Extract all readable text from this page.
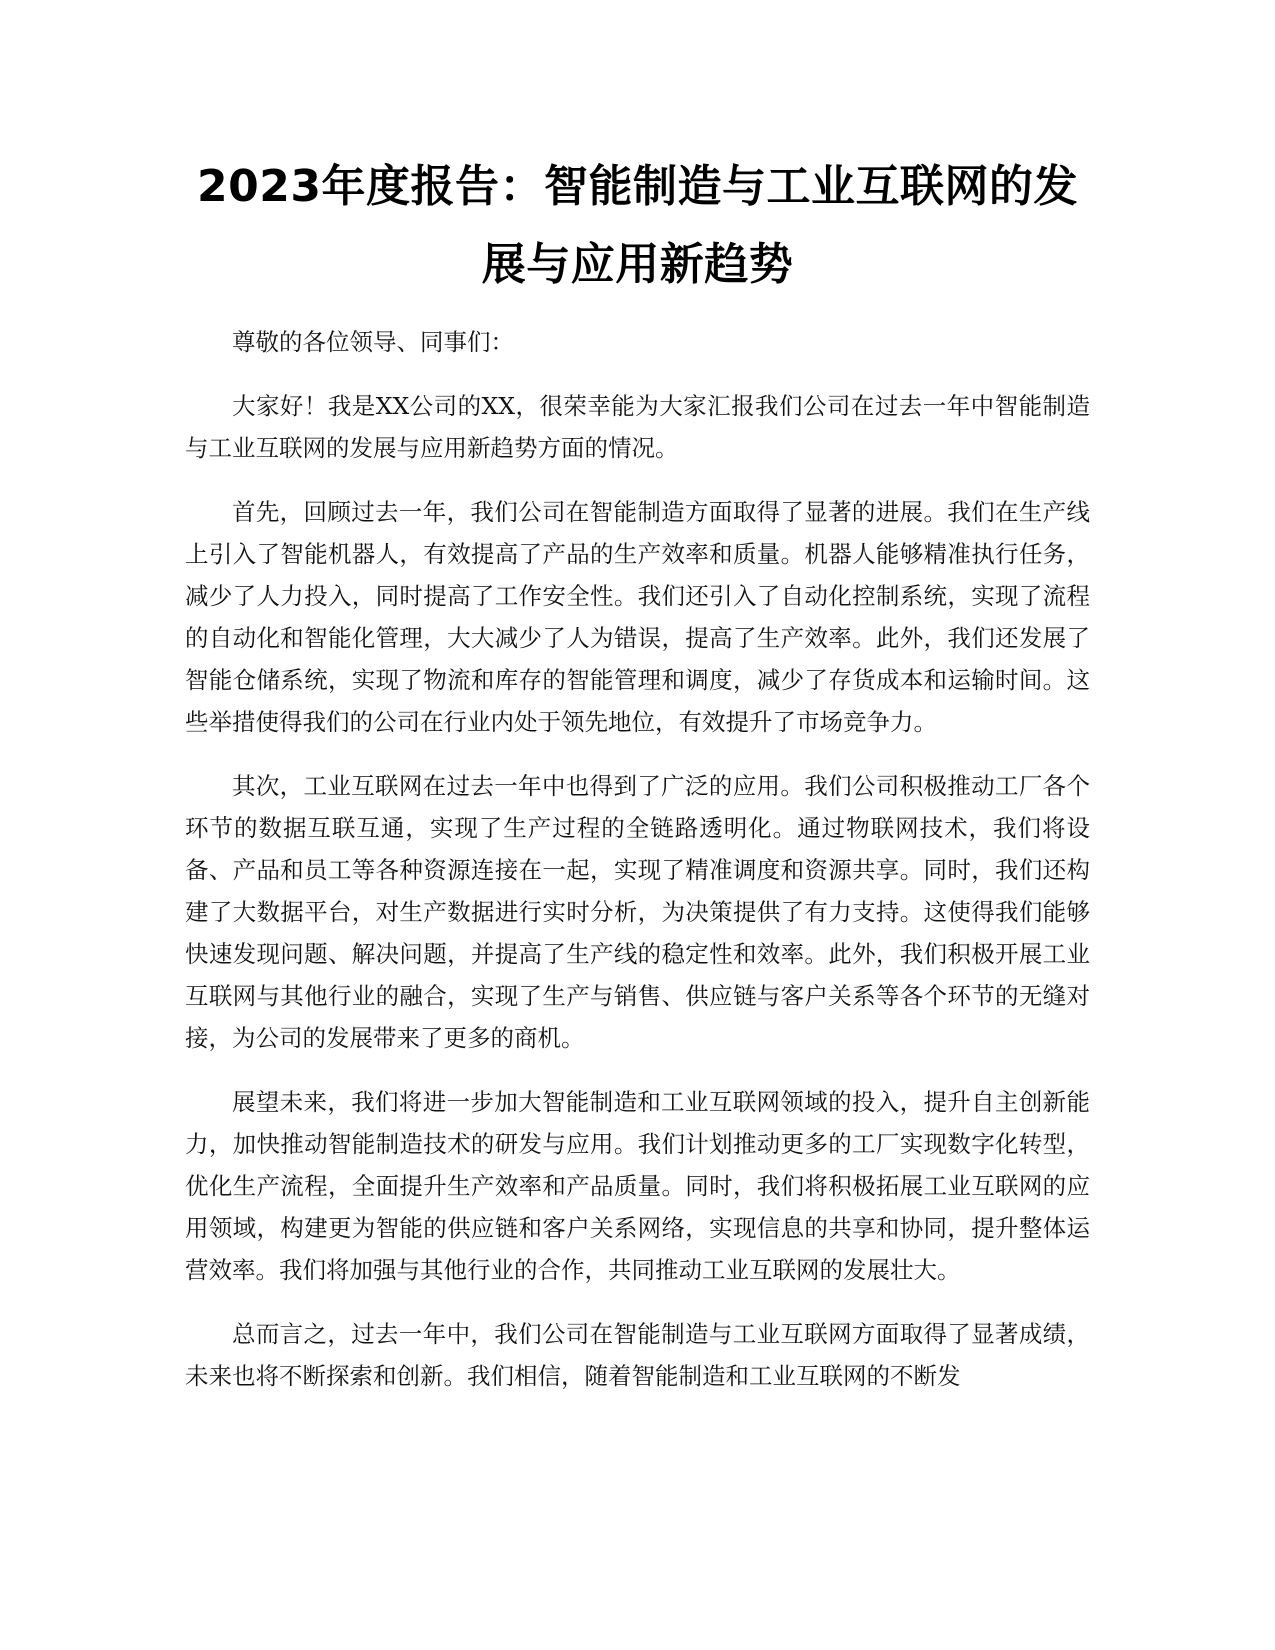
2023年度报告：智能制造与工业互联网的发展与应用新趋势

尊敬的各位领导、同事们：

大家好！我是XX公司的XX，很荣幸能为大家汇报我们公司在过去一年中智能制造与工业互联网的发展与应用新趋势方面的情况。

首先，回顾过去一年，我们公司在智能制造方面取得了显著的进展。我们在生产线上引入了智能机器人，有效提高了产品的生产效率和质量。机器人能够精准执行任务，减少了人力投入，同时提高了工作安全性。我们还引入了自动化控制系统，实现了流程的自动化和智能化管理，大大减少了人为错误，提高了生产效率。此外，我们还发展了智能仓储系统，实现了物流和库存的智能管理和调度，减少了存货成本和运输时间。这些举措使得我们的公司在行业内处于领先地位，有效提升了市场竞争力。

其次，工业互联网在过去一年中也得到了广泛的应用。我们公司积极推动工厂各个环节的数据互联互通，实现了生产过程的全链路透明化。通过物联网技术，我们将设备、产品和员工等各种资源连接在一起，实现了精准调度和资源共享。同时，我们还构建了大数据平台，对生产数据进行实时分析，为决策提供了有力支持。这使得我们能够快速发现问题、解决问题，并提高了生产线的稳定性和效率。此外，我们积极开展工业互联网与其他行业的融合，实现了生产与销售、供应链与客户关系等各个环节的无缝对接，为公司的发展带来了更多的商机。

展望未来，我们将进一步加大智能制造和工业互联网领域的投入，提升自主创新能力，加快推动智能制造技术的研发与应用。我们计划推动更多的工厂实现数字化转型，优化生产流程，全面提升生产效率和产品质量。同时，我们将积极拓展工业互联网的应用领域，构建更为智能的供应链和客户关系网络，实现信息的共享和协同，提升整体运营效率。我们将加强与其他行业的合作，共同推动工业互联网的发展壮大。

总而言之，过去一年中，我们公司在智能制造与工业互联网方面取得了显著成绩，未来也将不断探索和创新。我们相信，随着智能制造和工业互联网的不断发
